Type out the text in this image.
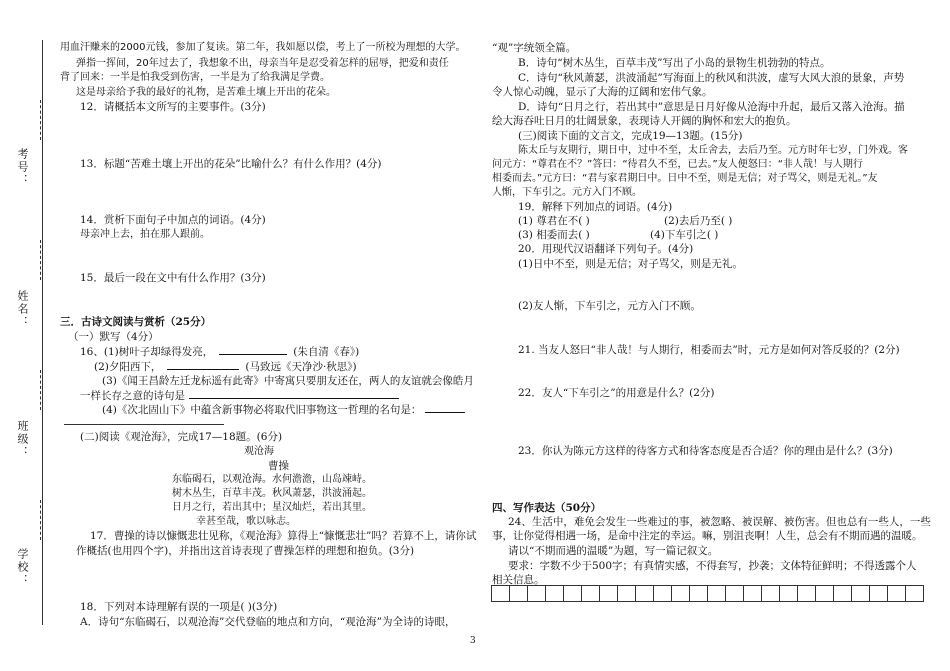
考号：
姓名：
班级：
学校：
用血汗赚来的2000元钱，参加了复读。第二年，我如愿以偿，考上了一所校为理想的大学。
弹指一挥间，20年过去了，我想象不出，母亲当年是忍受着怎样的屈辱，把爱和责任
背了回来：一半是怕我受到伤害，一半是为了给我满足学费。
这是母亲给予我的最好的礼物，是苦难土壤上开出的花朵。
12．请概括本文所写的主要事件。(3分)
13．标题“苦难土壤上开出的花朵”比喻什么？有什么作用？(4分)
14．赏析下面句子中加点的词语。(4分)
母亲冲上去，拍在那人跟前。
15．最后一段在文中有什么作用？(3分)
三．古诗文阅读与赏析（25分）
（一）默写（4分）
16、(1)树叶子却绿得发亮，	(朱自清《春》)
(2)夕阳西下，	(马致远《天净沙·秋思》)
(3)《闻王昌龄左迁龙标遥有此寄》中寄寓只要朋友还在，两人的友谊就会像皓月
一样长存之意的诗句是
(4)《次北固山下》中蕴含新事物必将取代旧事物这一哲理的名句是：
(二)阅读《观沧海》，完成17—18题。(6分)
观沧海
曹操
东临碣石，以观沧海。水何澹澹，山岛竦峙。
树木丛生，百草丰茂。秋风萧瑟，洪波涌起。
日月之行，若出其中；星汉灿烂，若出其里。
幸甚至哉，歌以咏志。
17．曹操的诗以慷慨悲壮见称，《观沧海》算得上“慷慨悲壮”吗？若算不上，请你试
作概括(也用四个字)，并指出这首诗表现了曹操怎样的理想和抱负。(3分)
18．下列对本诗理解有误的一项是( )(3分)
A．诗句“东临碣石，以观沧海”交代登临的地点和方向，“观沧海”为全诗的诗眼，
“观”字统领全篇。
B．诗句“树木丛生，百草丰茂”写出了小岛的景物生机勃勃的特点。
C．诗句“秋风萧瑟，洪波涌起”写海面上的秋风和洪波，虚写大风大浪的景象，声势
令人惊心动魄，显示了大海的辽阔和宏伟气象。
D．诗句“日月之行，若出其中”意思是日月好像从沧海中升起，最后又落入沧海。描
绘大海吞吐日月的壮阔景象，表现诗人开阔的胸怀和宏大的抱负。
(三)阅读下面的文言文，完成19—13题。(15分)
陈太丘与友期行，期日中，过中不至，太丘舍去，去后乃至。元方时年七岁，门外戏。客
问元方：“尊君在不？”答曰：“待君久不至，已去。”友人便怒曰：“非人哉！与人期行
相委而去。”元方曰：“君与家君期日中。日中不至，则是无信；对子骂父，则是无礼。”友
人惭，下车引之。元方入门不顾。
19．解释下列加点的词语。(4分)
(1) 尊君在不( )	(2)去后乃至( )
(3) 相委而去( )	(4)下车引之( )
20．用现代汉语翻译下列句子。(4分)
(1)日中不至，则是无信；对子骂父，则是无礼。
(2)友人惭，下车引之，元方入门不顾。
21. 当友人怒曰“非人哉！与人期行，相委而去”时，元方是如何对答反驳的？(2分)
22．友人“下车引之”的用意是什么？(2分)
23．你认为陈元方这样的待客方式和待客态度是否合适？你的理由是什么？(3分)
四、写作表达（50分）
24、生活中，难免会发生一些难过的事，被忽略、被误解、被伤害。但也总有一些人，一些
事，让你觉得相遇一场，是命中注定的幸运。嘛，别沮丧啊！人生，总会有不期而遇的温暖。
请以“不期而遇的温暖”为题，写一篇记叙文。
要求：字数不少于500字；有真情实感，不得套写，抄袭；文体特征鲜明；不得透露个人
相关信息。
3
